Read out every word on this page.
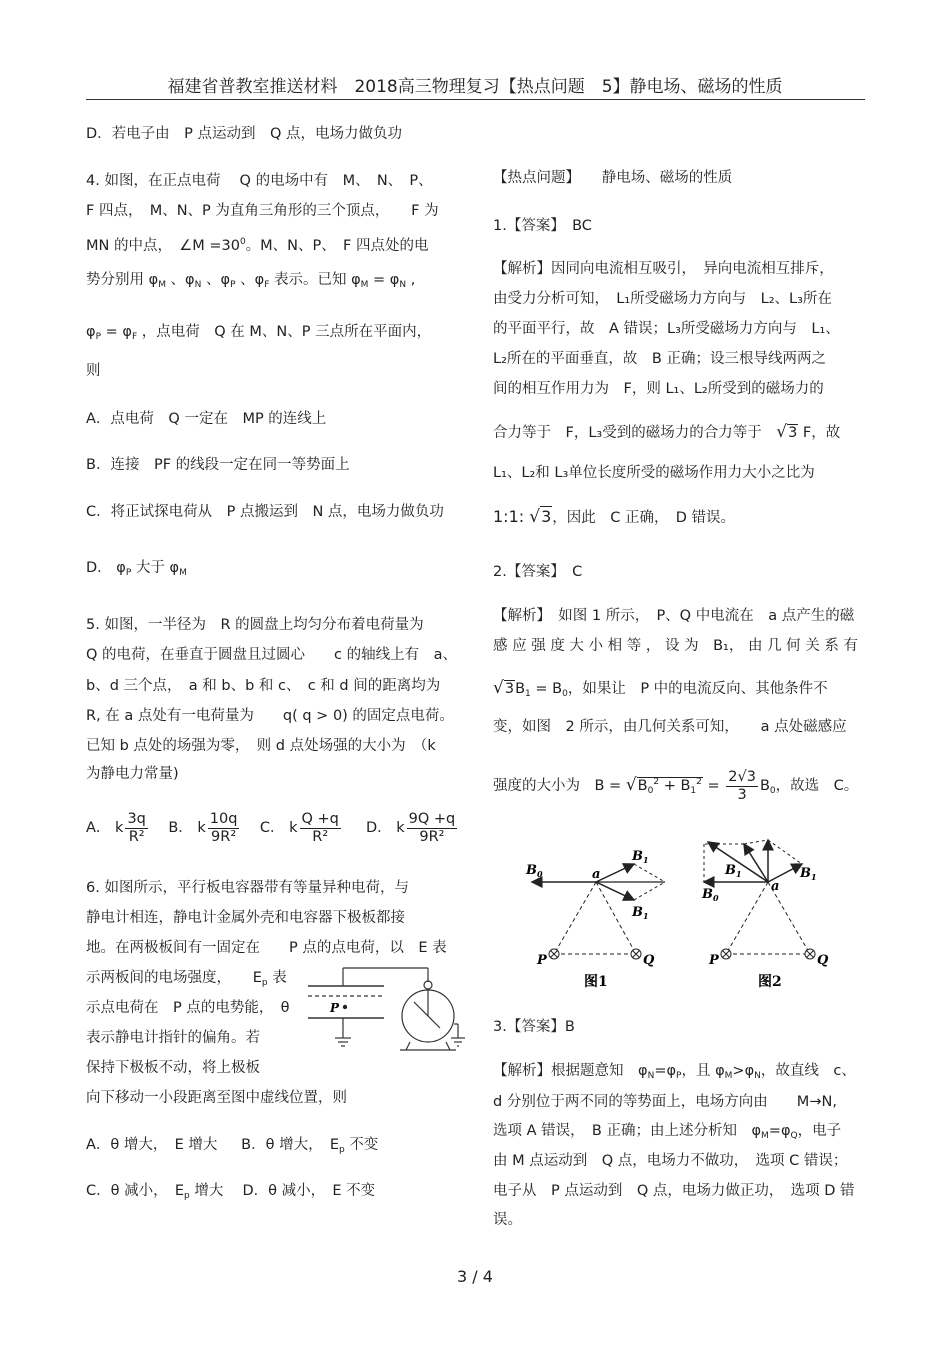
福建省普教室推送材料　2018高三物理复习【热点问题　5】静电场、磁场的性质
D．若电子由　P 点运动到　Q 点，电场力做负功
4. 如图，在正点电荷　 Q 的电场中有　M、　N、　P、
F 四点，　M、N、P 为直角三角形的三个顶点，　　F 为
MN 的中点，　∠M $=30^0$。M、N、P、　F 四点处的电
势分别用 $\varphi_M$ 、$\varphi_N$ 、$\varphi_P$ 、$\varphi_F$ 表示。已知 $\varphi_M = \varphi_N$ ,
$\varphi_P = \varphi_F$ ，点电荷　Q 在 M、N、P 三点所在平面内，
则
A．点电荷　Q 一定在　MP 的连线上
B．连接　PF 的线段一定在同一等势面上
C．将正试探电荷从　P 点搬运到　N 点，电场力做负功
D． $\varphi_P$ 大于 $\varphi_M$
5. 如图，一半径为　R 的圆盘上均匀分布着电荷量为
Q 的电荷，在垂直于圆盘且过圆心　　c 的轴线上有　a、
b、d 三个点，　a 和 b、b 和 c、　c 和 d 间的距离均为
R, 在 a 点处有一电荷量为　　q( q > 0) 的固定点电荷。
已知 b 点处的场强为零，　则 d 点处场强的大小为　（k
为静电力常量)
A． k $\frac{3q}{\text{R²}}$ B． k $\frac{10q}{\text{9R²}}$ C． k $\frac{Q +q}{\text{R²}}$ D． k $\frac{9Q +q}{\text{9R²}}$
6. 如图所示，平行板电容器带有等量异种电荷，与
静电计相连，静电计金属外壳和电容器下极板都接
地。在两极板间有一固定在　　P 点的点电荷，以　E 表
示两板间的电场强度，　　$E_p$ 表
示点电荷在　P 点的电势能，　θ
表示静电计指针的偏角。若
保持下极板不动，将上极板
向下移动一小段距离至图中虚线位置，则
A．θ 增大，　E 增大　 B．θ 增大，　$E_p$ 不变
C．θ 减小，　$E_p$ 增大　 D．θ 减小，　E 不变
P
【热点问题】　　静电场、磁场的性质
1.【答案】　BC
【解析】因同向电流相互吸引，　异向电流相互排斥，
由受力分析可知，　L₁所受磁场力方向与　L₂、L₃所在
的平面平行，故　A 错误；L₃所受磁场力方向与　L₁、
L₂所在的平面垂直，故　B 正确；设三根导线两两之
间的相互作用力为　F，则 L₁、L₂所受到的磁场力的
合力等于　F，L₃受到的磁场力的合力等于　 √3 F，故
L₁、L₂和 L₃单位长度所受的磁场作用力大小之比为
1:1: √3，因此　C 正确，　D 错误。
2.【答案】　C
【解析】　如图 1 所示，　P、Q 中电流在　a 点产生的磁
感 应 强 度 大 小 相 等 ， 设 为　B₁， 由 几 何 关 系 有
$√3B_1 = B_0$，如果让　P 中的电流反向、其他条件不
变，如图　2 所示，由几何关系可知，　　a 点处磁感应
强度的大小为　$B = √B_0^2 + B_1^2 = \frac{2√3}{3} B_0$，故选　C。
$B_0$
$B_1$
$B_1$
a
P	Q
图1
$B_0$
$B_1$	$B_1$
a
P	Q
图2
3.【答案】B
【解析】根据题意知　$\varphi_N=\varphi_P$，且 $\varphi_M>\varphi_N$，故直线　c、
d 分别位于两不同的等势面上，电场方向由　　M→N,
选项 A 错误，　B 正确；由上述分析知　$\varphi_M=\varphi_Q$，电子
由 M 点运动到　Q 点，电场力不做功，　选项 C 错误；
电子从　P 点运动到　Q 点，电场力做正功，　选项 D 错
误。
3 / 4
